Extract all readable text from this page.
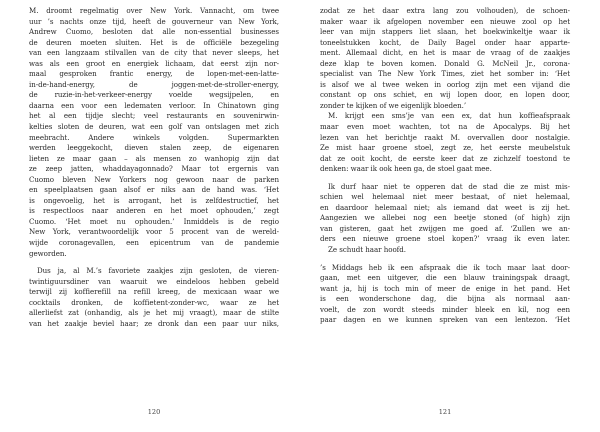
M. droomt regelmatig over New York. Vannacht, om twee
uur ’s nachts onze tijd, heeft de gouverneur van New York,
Andrew Cuomo, besloten dat alle non-essential businesses
de deuren moeten sluiten. Het is de officiële bezegeling
van een langzaam stilvallen van de city that never sleeps, het
was als een groot en energiek lichaam, dat eerst zijn nor-
maal gesproken frantic energy, de lopen-met-een-latte-
in-de-hand-energy, de joggen-met-de-stroller-energy,
de ruzie-in-het-verkeer-energy voelde wegsijpelen, en
daarna een voor een ledematen verloor. In Chinatown ging
het al een tijdje slecht; veel restaurants en souvenirwin-
kelties sloten de deuren, wat een golf van ontslagen met zich
meebracht. Andere winkels volgden. Supermarkten
werden leeggekocht, dieven stalen zeep, de eigenaren
lieten ze maar gaan – als mensen zo wanhopig zijn dat
ze zeep jatten, whaddayagonnado? Maar tot ergernis van
Cuomo bleven New Yorkers nog gewoon naar de parken
en speelplaatsen gaan alsof er niks aan de hand was. ‘Het
is ongevoelig, het is arrogant, het is zelfdestructief, het
is respectloos naar anderen en het moet ophouden,’ zegt
Cuomo. ‘Het moet nu ophouden.’ Inmiddels is de regio
New York, verantwoordelijk voor 5 procent van de wereld-
wijde coronagevallen, een epicentrum van de pandemie
geworden.
Dus ja, al M.’s favoriete zaakjes zijn gesloten, de vieren-
twintiguursdiner van waaruit we eindeloos hebben gebeld
terwijl zij koffierefill na refill kreeg, de mexicaan waar we
cocktails dronken, de koffietent-zonder-wc, waar ze het
allerliefst zat (onhandig, als je het mij vraagt), maar de stilte
van het zaakje beviel haar; ze dronk dan een paar uur niks,
120
zodat ze het daar extra lang zou volhouden), de schoen-
maker waar ik afgelopen november een nieuwe zool op het
leer van mijn stappers liet slaan, het boekwinkeltje waar ik
toneelstukken kocht, de Daily Bagel onder haar apparte-
ment. Allemaal dicht, en het is maar de vraag of de zaakjes
deze klap te boven komen. Donald G. McNeil Jr., corona-
specialist van The New York Times, ziet het somber in: ‘Het
is alsof we al twee weken in oorlog zijn met een vijand die
constant op ons schiet, en wij lopen door, en lopen door,
zonder te kijken of we eigenlijk bloeden.’
M. krijgt een sms’je van een ex, dat hun koffieafspraak
maar even moet wachten, tot na de Apocalyps. Bij het
lezen van het berichtje raakt M. overvallen door nostalgie.
Ze mist haar groene stoel, zegt ze, het eerste meubelstuk
dat ze ooit kocht, de eerste keer dat ze zichzelf toestond te
denken: waar ik ook heen ga, de stoel gaat mee.
Ik durf haar niet te opperen dat de stad die ze mist mis-
schien wel helemaal niet meer bestaat, of niet helemaal,
en daardoor helemaal niet; als iemand dat weet is zij het.
Aangezien we allebei nog een beetje stoned (of high) zijn
van gisteren, gaat het zwijgen me goed af. ‘Zullen we an-
ders een nieuwe groene stoel kopen?’ vraag ik even later.
Ze schudt haar hoofd.
’s Middags heb ik een afspraak die ik toch maar laat door-
gaan, met een uitgever, die een blauw trainingspak draagt,
want ja, hij is toch min of meer de enige in het pand. Het
is een wonderschone dag, die bijna als normaal aan-
voelt, de zon wordt steeds minder bleek en kil, nog een
paar dagen en we kunnen spreken van een lentezon. ‘Het
121
